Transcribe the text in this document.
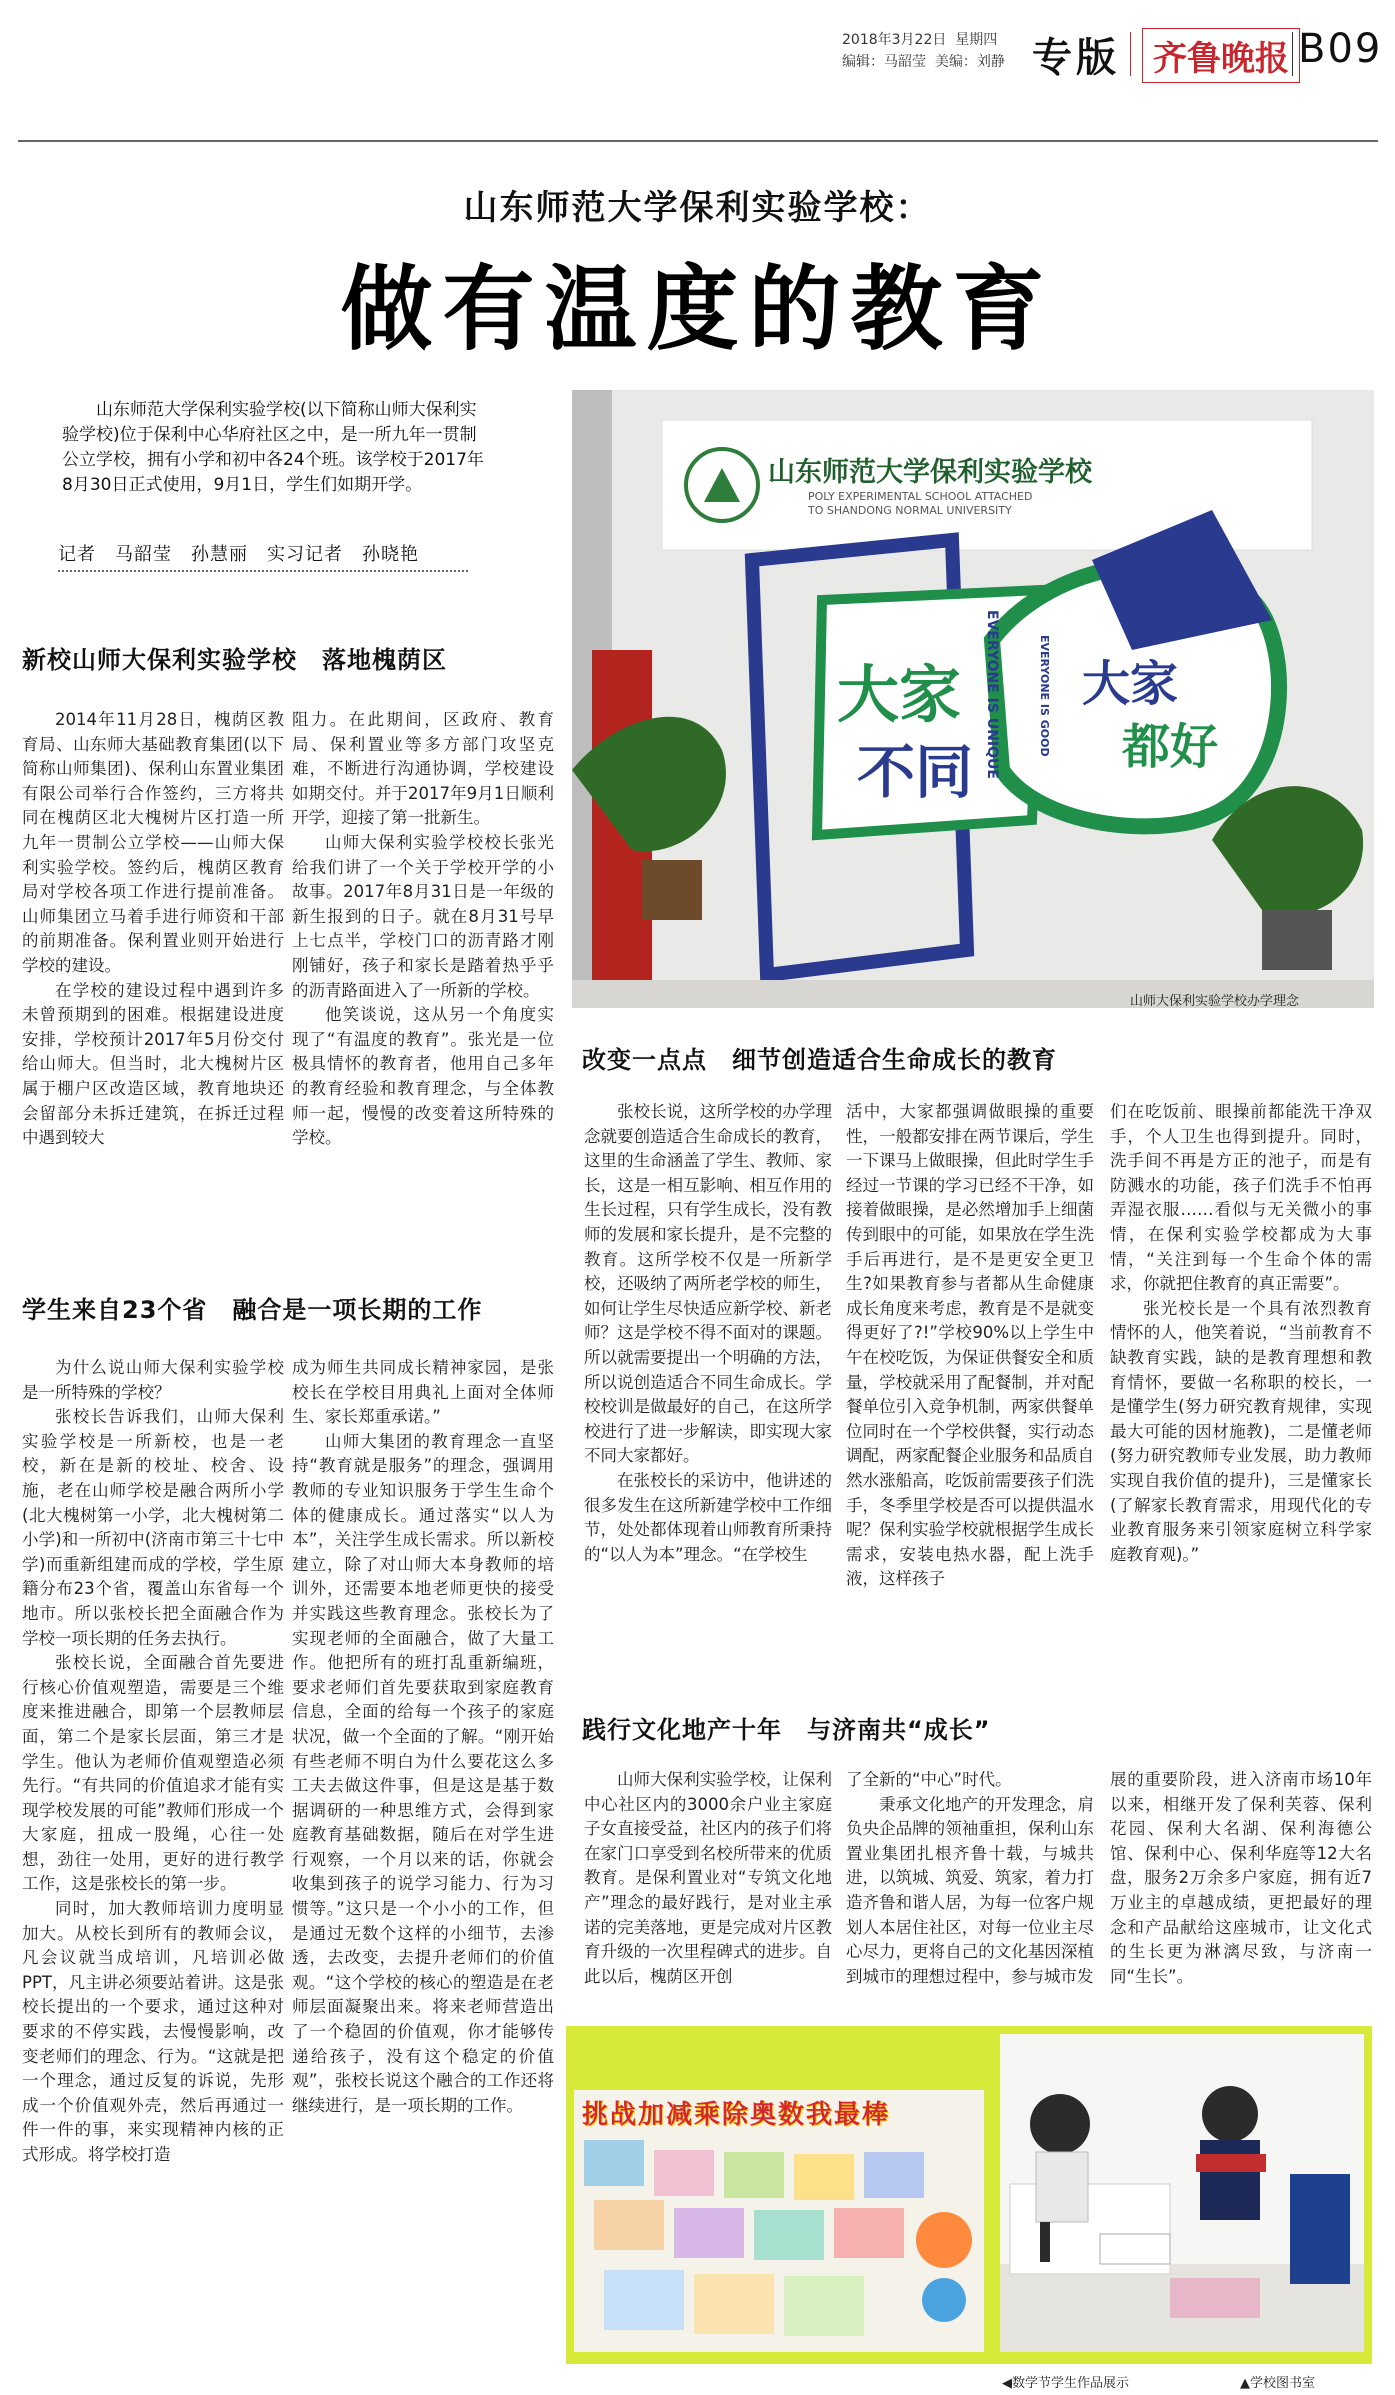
2018年3月22日 星期四
编辑：马韶莹 美编：刘静 专版 齐鲁晚报 B09
山东师范大学保利实验学校：
做有温度的教育
山东师范大学保利实验学校(以下简称山师大保利实验学校)位于保利中心华府社区之中，是一所九年一贯制公立学校，拥有小学和初中各24个班。该学校于2017年8月30日正式使用，9月1日，学生们如期开学。
记者　马韶莹　孙慧丽　实习记者　孙晓艳
新校山师大保利实验学校　落地槐荫区

2014年11月28日，槐荫区教育局、山东师大基础教育集团(以下简称山师集团)、保利山东置业集团有限公司举行合作签约，三方将共同在槐荫区北大槐树片区打造一所九年一贯制公立学校——山师大保利实验学校。签约后，槐荫区教育局对学校各项工作进行提前准备。山师集团立马着手进行师资和干部的前期准备。保利置业则开始进行学校的建设。

在学校的建设过程中遇到许多未曾预期到的困难。根据建设进度安排，学校预计2017年5月份交付给山师大。但当时，北大槐树片区属于棚户区改造区域，教育地块还会留部分未拆迁建筑，在拆迁过程中遇到较大

阻力。在此期间，区政府、教育局、保利置业等多方部门攻坚克难，不断进行沟通协调，学校建设如期交付。并于2017年9月1日顺利开学，迎接了第一批新生。

山师大保利实验学校校长张光给我们讲了一个关于学校开学的小故事。2017年8月31日是一年级的新生报到的日子。就在8月31号早上七点半，学校门口的沥青路才刚刚铺好，孩子和家长是踏着热乎乎的沥青路面进入了一所新的学校。

他笑谈说，这从另一个角度实现了“有温度的教育”。张光是一位极具情怀的教育者，他用自己多年的教育经验和教育理念，与全体教师一起，慢慢的改变着这所特殊的学校。

学生来自23个省　融合是一项长期的工作

为什么说山师大保利实验学校是一所特殊的学校？

张校长告诉我们，山师大保利实验学校是一所新校，也是一老校，新在是新的校址、校舍、设施，老在山师学校是融合两所小学(北大槐树第一小学，北大槐树第二小学)和一所初中(济南市第三十七中学)而重新组建而成的学校，学生原籍分布23个省，覆盖山东省每一个地市。所以张校长把全面融合作为学校一项长期的任务去执行。

张校长说，全面融合首先要进行核心价值观塑造，需要是三个维度来推进融合，即第一个层教师层面，第二个是家长层面，第三才是学生。他认为老师价值观塑造必须先行。“有共同的价值追求才能有实现学校发展的可能”教师们形成一个大家庭，扭成一股绳，心往一处想，劲往一处用，更好的进行教学工作，这是张校长的第一步。

同时，加大教师培训力度明显加大。从校长到所有的教师会议，凡会议就当成培训，凡培训必做PPT，凡主讲必须要站着讲。这是张校长提出的一个要求，通过这种对要求的不停实践，去慢慢影响，改变老师们的理念、行为。“这就是把一个理念，通过反复的诉说，先形成一个价值观外壳，然后再通过一件一件的事，来实现精神内核的正式形成。将学校打造

成为师生共同成长精神家园，是张校长在学校目用典礼上面对全体师生、家长郑重承诺。”

山师大集团的教育理念一直坚持“教育就是服务”的理念，强调用教师的专业知识服务于学生生命个体的健康成长。通过落实“以人为本”，关注学生成长需求。所以新校建立，除了对山师大本身教师的培训外，还需要本地老师更快的接受并实践这些教育理念。张校长为了实现老师的全面融合，做了大量工作。他把所有的班打乱重新编班，要求老师们首先要获取到家庭教育信息，全面的给每一个孩子的家庭状况，做一个全面的了解。“刚开始有些老师不明白为什么要花这么多工夫去做这件事，但是这是基于数据调研的一种思维方式，会得到家庭教育基础数据，随后在对学生进行观察，一个月以来的话，你就会收集到孩子的说学习能力、行为习惯等。”这只是一个小小的工作，但是通过无数个这样的小细节，去渗透，去改变，去提升老师们的价值观。“这个学校的核心的塑造是在老师层面凝聚出来。将来老师营造出了一个稳固的价值观，你才能够传递给孩子，没有这个稳定的价值观”，张校长说这个融合的工作还将继续进行，是一项长期的工作。

山东师范大学保利实验学校
POLY EXPERIMENTAL SCHOOL ATTACHED
TO SHANDONG NORMAL UNIVERSITY
大家
不同 EVERYONE IS UNIQUE 大家
都好
EVERYONE IS GOOD
山师大保利实验学校办学理念
改变一点点　细节创造适合生命成长的教育

张校长说，这所学校的办学理念就要创造适合生命成长的教育，这里的生命涵盖了学生、教师、家长，这是一相互影响、相互作用的生长过程，只有学生成长，没有教师的发展和家长提升，是不完整的教育。这所学校不仅是一所新学校，还吸纳了两所老学校的师生，如何让学生尽快适应新学校、新老师？这是学校不得不面对的课题。所以就需要提出一个明确的方法，所以说创造适合不同生命成长。学校校训是做最好的自己，在这所学校进行了进一步解读，即实现大家不同大家都好。

在张校长的采访中，他讲述的很多发生在这所新建学校中工作细节，处处都体现着山师教育所秉持的“以人为本”理念。“在学校生

活中，大家都强调做眼操的重要性，一般都安排在两节课后，学生一下课马上做眼操，但此时学生手经过一节课的学习已经不干净，如接着做眼操，是必然增加手上细菌传到眼中的可能，如果放在学生洗手后再进行，是不是更安全更卫生?如果教育参与者都从生命健康成长角度来考虑，教育是不是就变得更好了?!”学校90%以上学生中午在校吃饭，为保证供餐安全和质量，学校就采用了配餐制，并对配餐单位引入竞争机制，两家供餐单位同时在一个学校供餐，实行动态调配，两家配餐企业服务和品质自然水涨船高，吃饭前需要孩子们洗手，冬季里学校是否可以提供温水呢？保利实验学校就根据学生成长需求，安装电热水器，配上洗手液，这样孩子

们在吃饭前、眼操前都能洗干净双手，个人卫生也得到提升。同时，洗手间不再是方正的池子，而是有防溅水的功能，孩子们洗手不怕再弄湿衣服……看似与无关微小的事情，在保利实验学校都成为大事情，“关注到每一个生命个体的需求，你就把住教育的真正需要”。

张光校长是一个具有浓烈教育情怀的人，他笑着说，“当前教育不缺教育实践，缺的是教育理想和教育情怀，要做一名称职的校长，一是懂学生(努力研究教育规律，实现最大可能的因材施教)，二是懂老师(努力研究教师专业发展，助力教师实现自我价值的提升)，三是懂家长(了解家长教育需求，用现代化的专业教育服务来引领家庭树立科学家庭教育观)。”

践行文化地产十年　与济南共“成长”

山师大保利实验学校，让保利中心社区内的3000余户业主家庭子女直接受益，社区内的孩子们将在家门口享受到名校所带来的优质教育。是保利置业对“专筑文化地产”理念的最好践行，是对业主承诺的完美落地，更是完成对片区教育升级的一次里程碑式的进步。自此以后，槐荫区开创

了全新的“中心”时代。

秉承文化地产的开发理念，肩负央企品牌的领袖重担，保利山东置业集团扎根齐鲁十载，与城共进，以筑城、筑爱、筑家，着力打造齐鲁和谐人居，为每一位客户规划人本居住社区，对每一位业主尽心尽力，更将自己的文化基因深植到城市的理想过程中，参与城市发

展的重要阶段，进入济南市场10年以来，相继开发了保利芙蓉、保利花园、保利大名湖、保利海德公馆、保利中心、保利华庭等12大名盘，服务2万余多户家庭，拥有近7万业主的卓越成绩，更把最好的理念和产品献给这座城市，让文化式的生长更为淋漓尽致，与济南一同“生长”。

挑战加减乘除奥数我最棒
◀数学节学生作品展示	▲学校图书室
